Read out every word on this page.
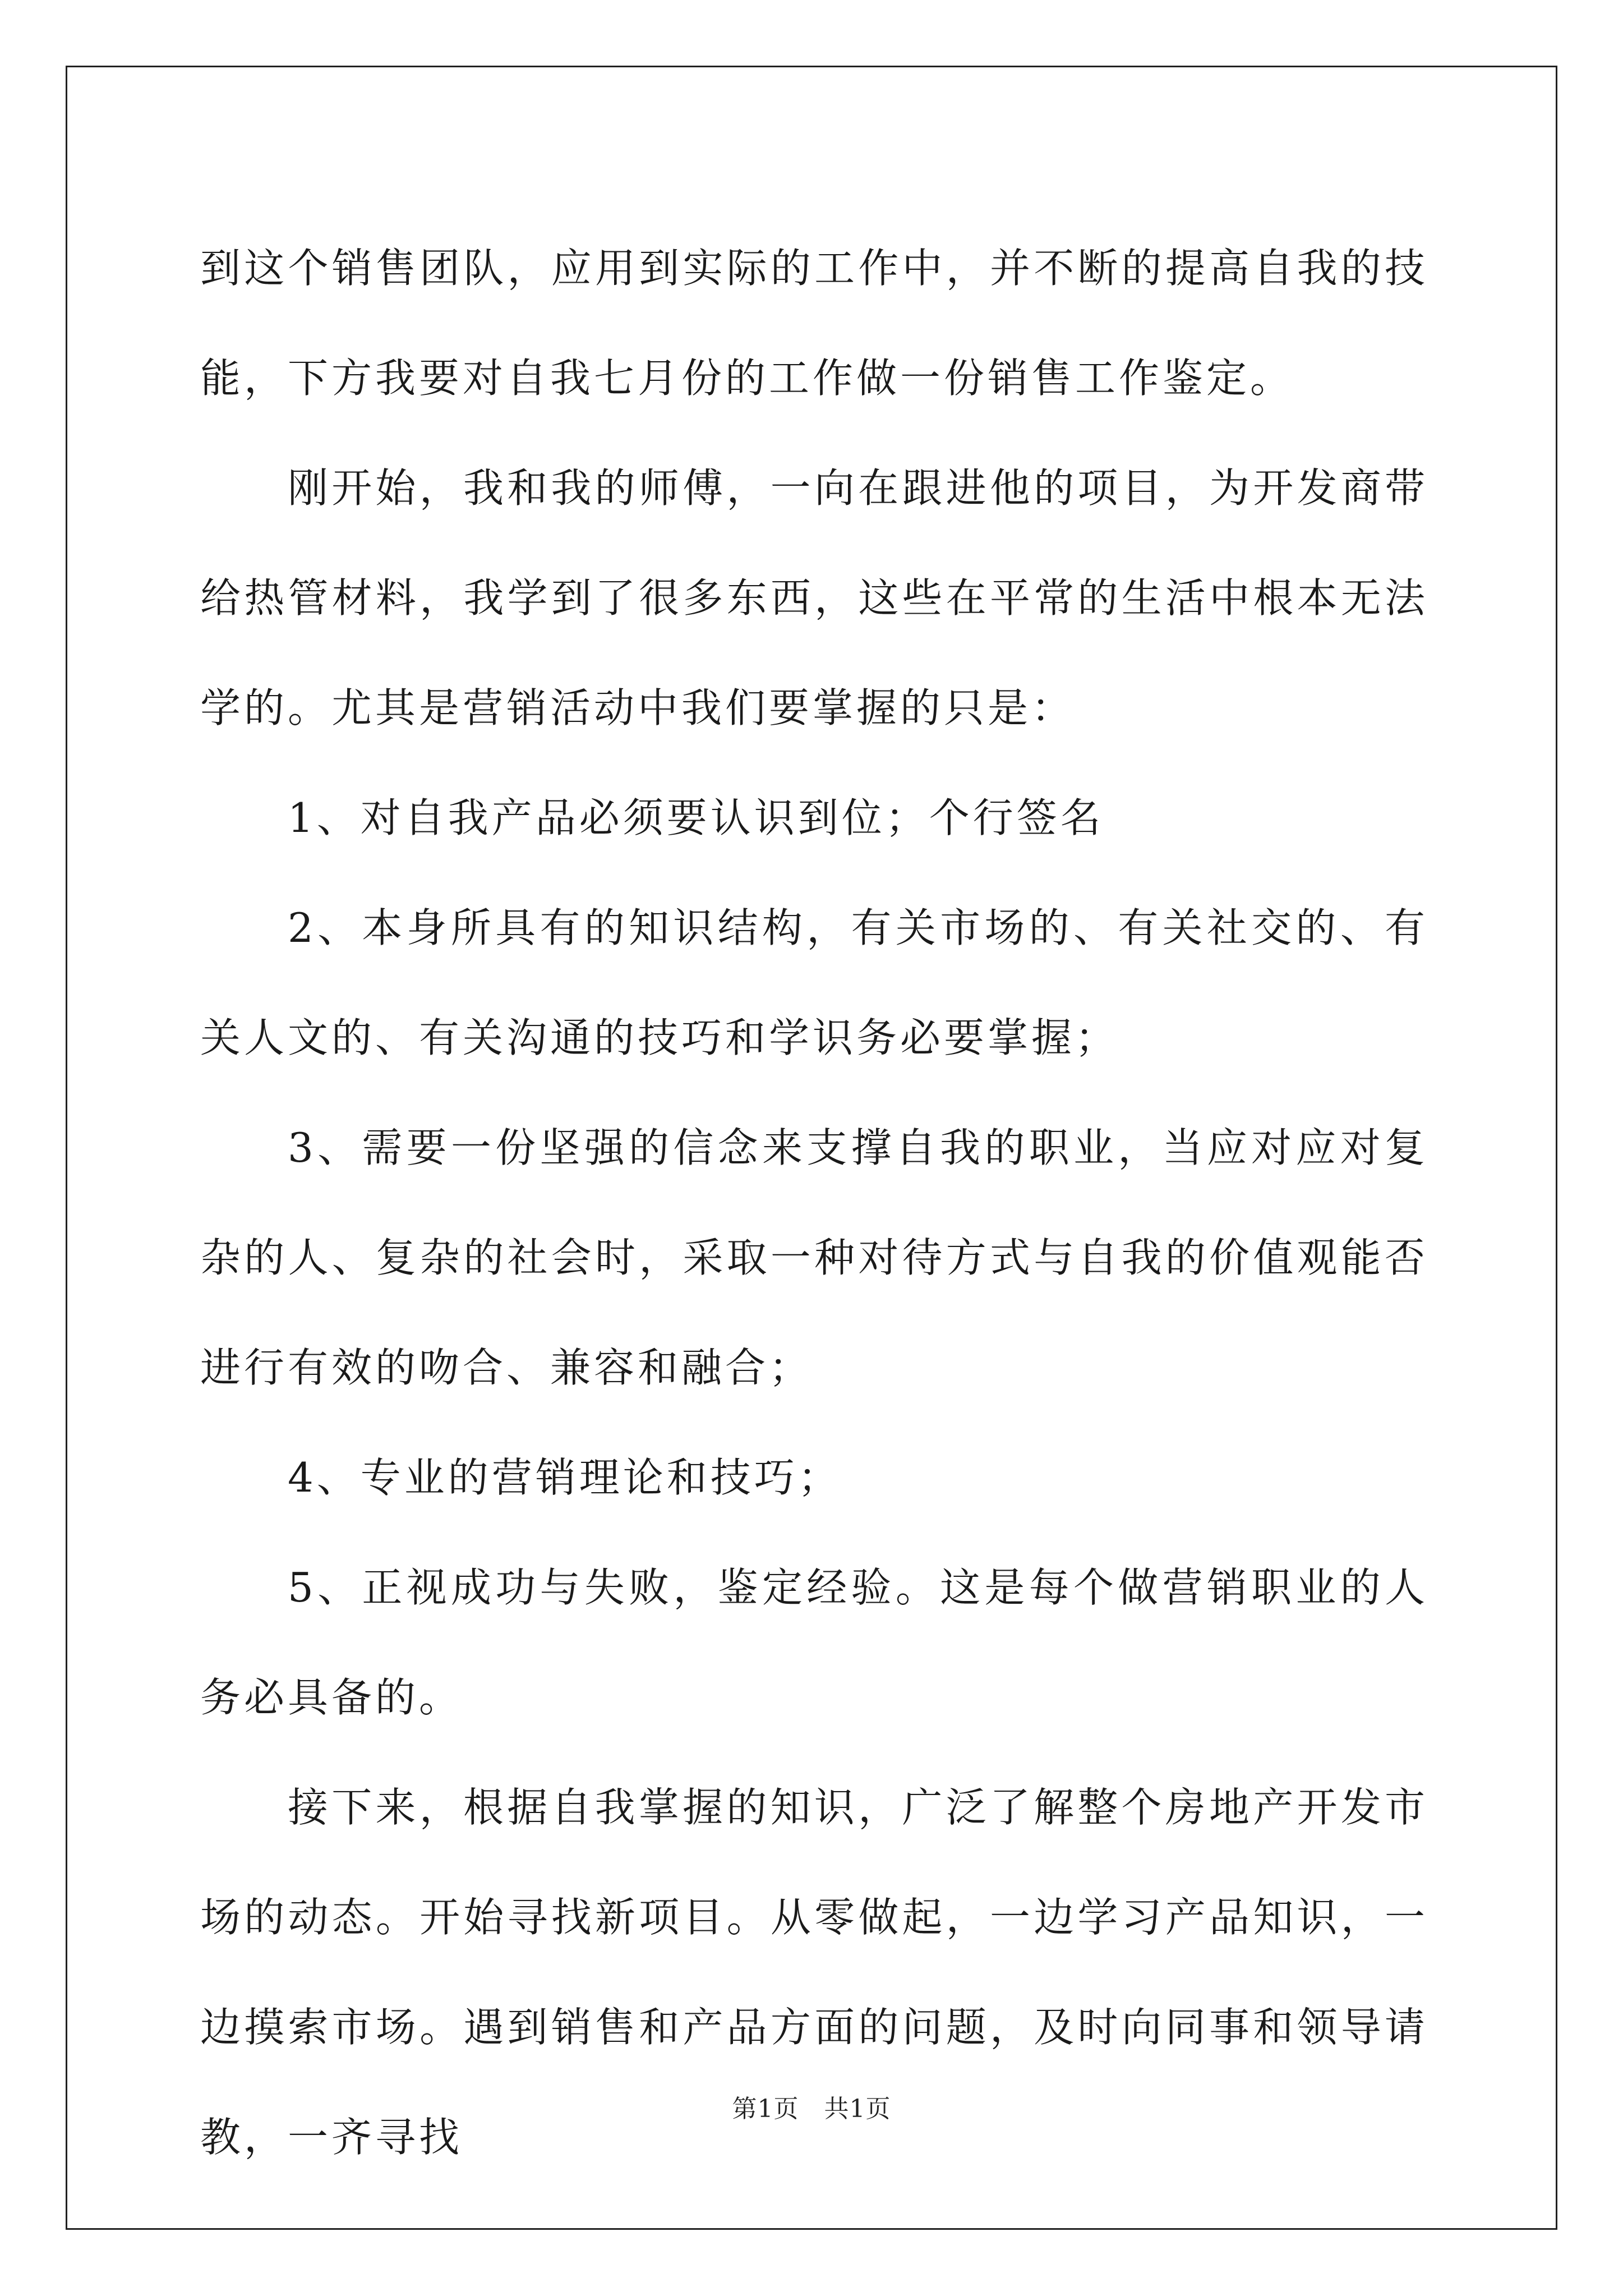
到这个销售团队，应用到实际的工作中，并不断的提高自我的技能，下方我要对自我七月份的工作做一份销售工作鉴定。

刚开始，我和我的师傅，一向在跟进他的项目，为开发商带给热管材料，我学到了很多东西，这些在平常的生活中根本无法学的。尤其是营销活动中我们要掌握的只是：

1、对自我产品必须要认识到位；个行签名

2、本身所具有的知识结构，有关市场的、有关社交的、有关人文的、有关沟通的技巧和学识务必要掌握；

3、需要一份坚强的信念来支撑自我的职业，当应对应对复杂的人、复杂的社会时，采取一种对待方式与自我的价值观能否进行有效的吻合、兼容和融合；

4、专业的营销理论和技巧；

5、正视成功与失败，鉴定经验。这是每个做营销职业的人务必具备的。

接下来，根据自我掌握的知识，广泛了解整个房地产开发市场的动态。开始寻找新项目。从零做起，一边学习产品知识，一边摸索市场。遇到销售和产品方面的问题，及时向同事和领导请教，一齐寻找

第1页　共1页
